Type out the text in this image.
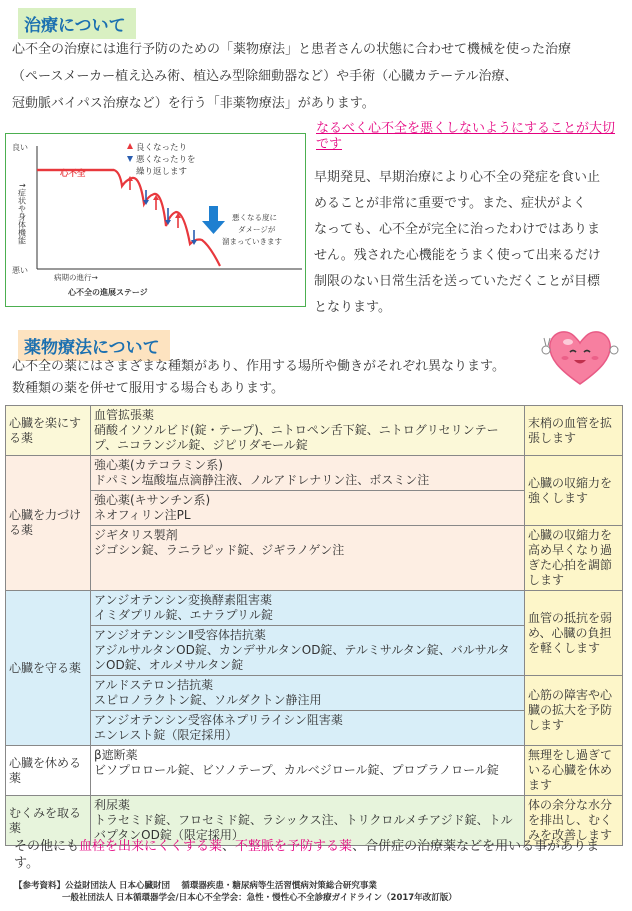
治療について
心不全の治療には進行予防のための「薬物療法」と患者さんの状態に合わせて機械を使った治療
（ペースメーカー植え込み術、植込み型除細動器など）や手術（心臓カテーテル治療、
冠動脈バイパス治療など）を行う「非薬物療法」があります。
良い
悪い
↑症状や身体機能
心不全
良くなったり
悪くなったりを
繰り返します
悪くなる度に
ダメージが
溜まっていきます
病期の進行→
心不全の進展ステージ
なるべく心不全を悪くしないようにすることが大切です
早期発見、早期治療により心不全の発症を食い止
めることが非常に重要です。また、症状がよく
なっても、心不全が完全に治ったわけではありま
せん。残された心機能をうまく使って出来るだけ
制限のない日常生活を送っていただくことが目標
となります。
薬物療法について
心不全の薬にはさまざまな種類があり、作用する場所や働きがそれぞれ異なります。
数種類の薬を併せて服用する場合もあります。
心臓を楽にする薬	血管拡張薬
硝酸イソソルビド(錠・テープ)、ニトロペン舌下錠、ニトログリセリンテープ、ニコランジル錠、ジピリダモール錠	末梢の血管を拡張します
心臓を力づける薬	強心薬(カテコラミン系)
ドパミン塩酸塩点滴静注液、ノルアドレナリン注、ボスミン注	心臓の収縮力を強くします

	強心薬(キサンチン系)
ネオフィリン注PL	

	ジギタリス製剤
ジゴシン錠、ラニラピッド錠、ジギラノゲン注	心臓の収縮力を高め早くなり過ぎた心拍を調節します
心臓を守る薬	アンジオテンシン変換酵素阻害薬
イミダプリル錠、エナラプリル錠	血管の抵抗を弱め、心臓の負担を軽くします

	アンジオテンシンⅡ受容体拮抗薬
アジルサルタンOD錠、カンデサルタンOD錠、テルミサルタン錠、バルサルタンOD錠、オルメサルタン錠	

	アルドステロン拮抗薬
スピロノラクトン錠、ソルダクトン静注用	心筋の障害や心臓の拡大を予防します

	アンジオテンシン受容体ネプリライシン阻害薬
エンレスト錠（限定採用）	

心臓を休める薬	β遮断薬
ビソプロロール錠、ビソノテープ、カルベジロール錠、プロプラノロール錠	無理をし過ぎている心臓を休めます
むくみを取る薬	利尿薬
トラセミド錠、フロセミド錠、ラシックス注、トリクロルメチアジド錠、トルバプタンOD錠（限定採用）	体の余分な水分を排出し、むくみを改善します
その他にも血栓を出来にくくする薬、不整脈を予防する薬、合併症の治療薬などを用いる事があります。
【参考資料】公益財団法人 日本心臓財団　 循環器疾患・糖尿病等生活習慣病対策総合研究事業
一般社団法人 日本循環器学会/日本心不全学会：急性・慢性心不全診療ガイドライン（2017年改訂版）
